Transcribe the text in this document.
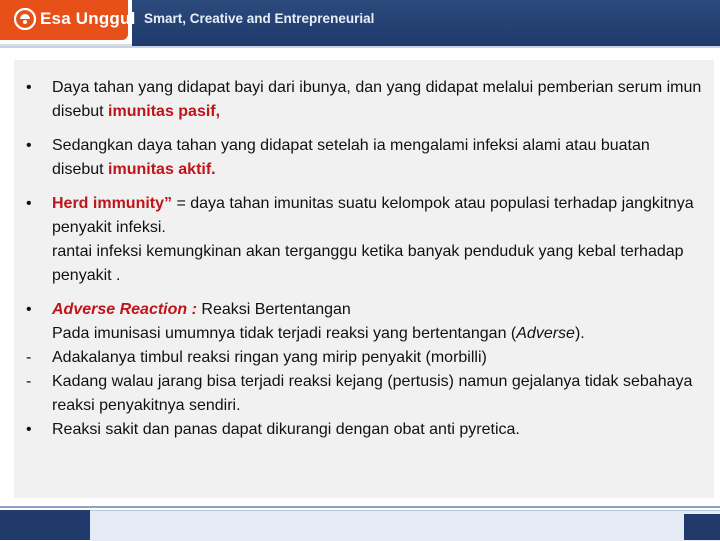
Esa Unggul Smart, Creative and Entrepreneurial
•	Daya tahan yang didapat bayi dari ibunya, dan yang didapat melalui pemberian serum imun disebut imunitas pasif,
•	Sedangkan daya tahan yang didapat setelah ia mengalami infeksi alami atau buatan disebut imunitas aktif.
•	Herd immunity” = daya tahan imunitas suatu kelompok atau populasi terhadap jangkitnya penyakit infeksi.
rantai infeksi kemungkinan akan terganggu ketika banyak penduduk yang kebal terhadap penyakit .
•	Adverse Reaction : Reaksi Bertentangan
Pada imunisasi umumnya tidak terjadi reaksi yang bertentangan (Adverse).
-	Adakalanya timbul reaksi ringan yang mirip penyakit (morbilli)
-	Kadang walau jarang bisa terjadi reaksi kejang (pertusis) namun gejalanya tidak sebahaya reaksi penyakitnya sendiri.
•	Reaksi sakit dan panas dapat dikurangi dengan obat anti pyretica.
